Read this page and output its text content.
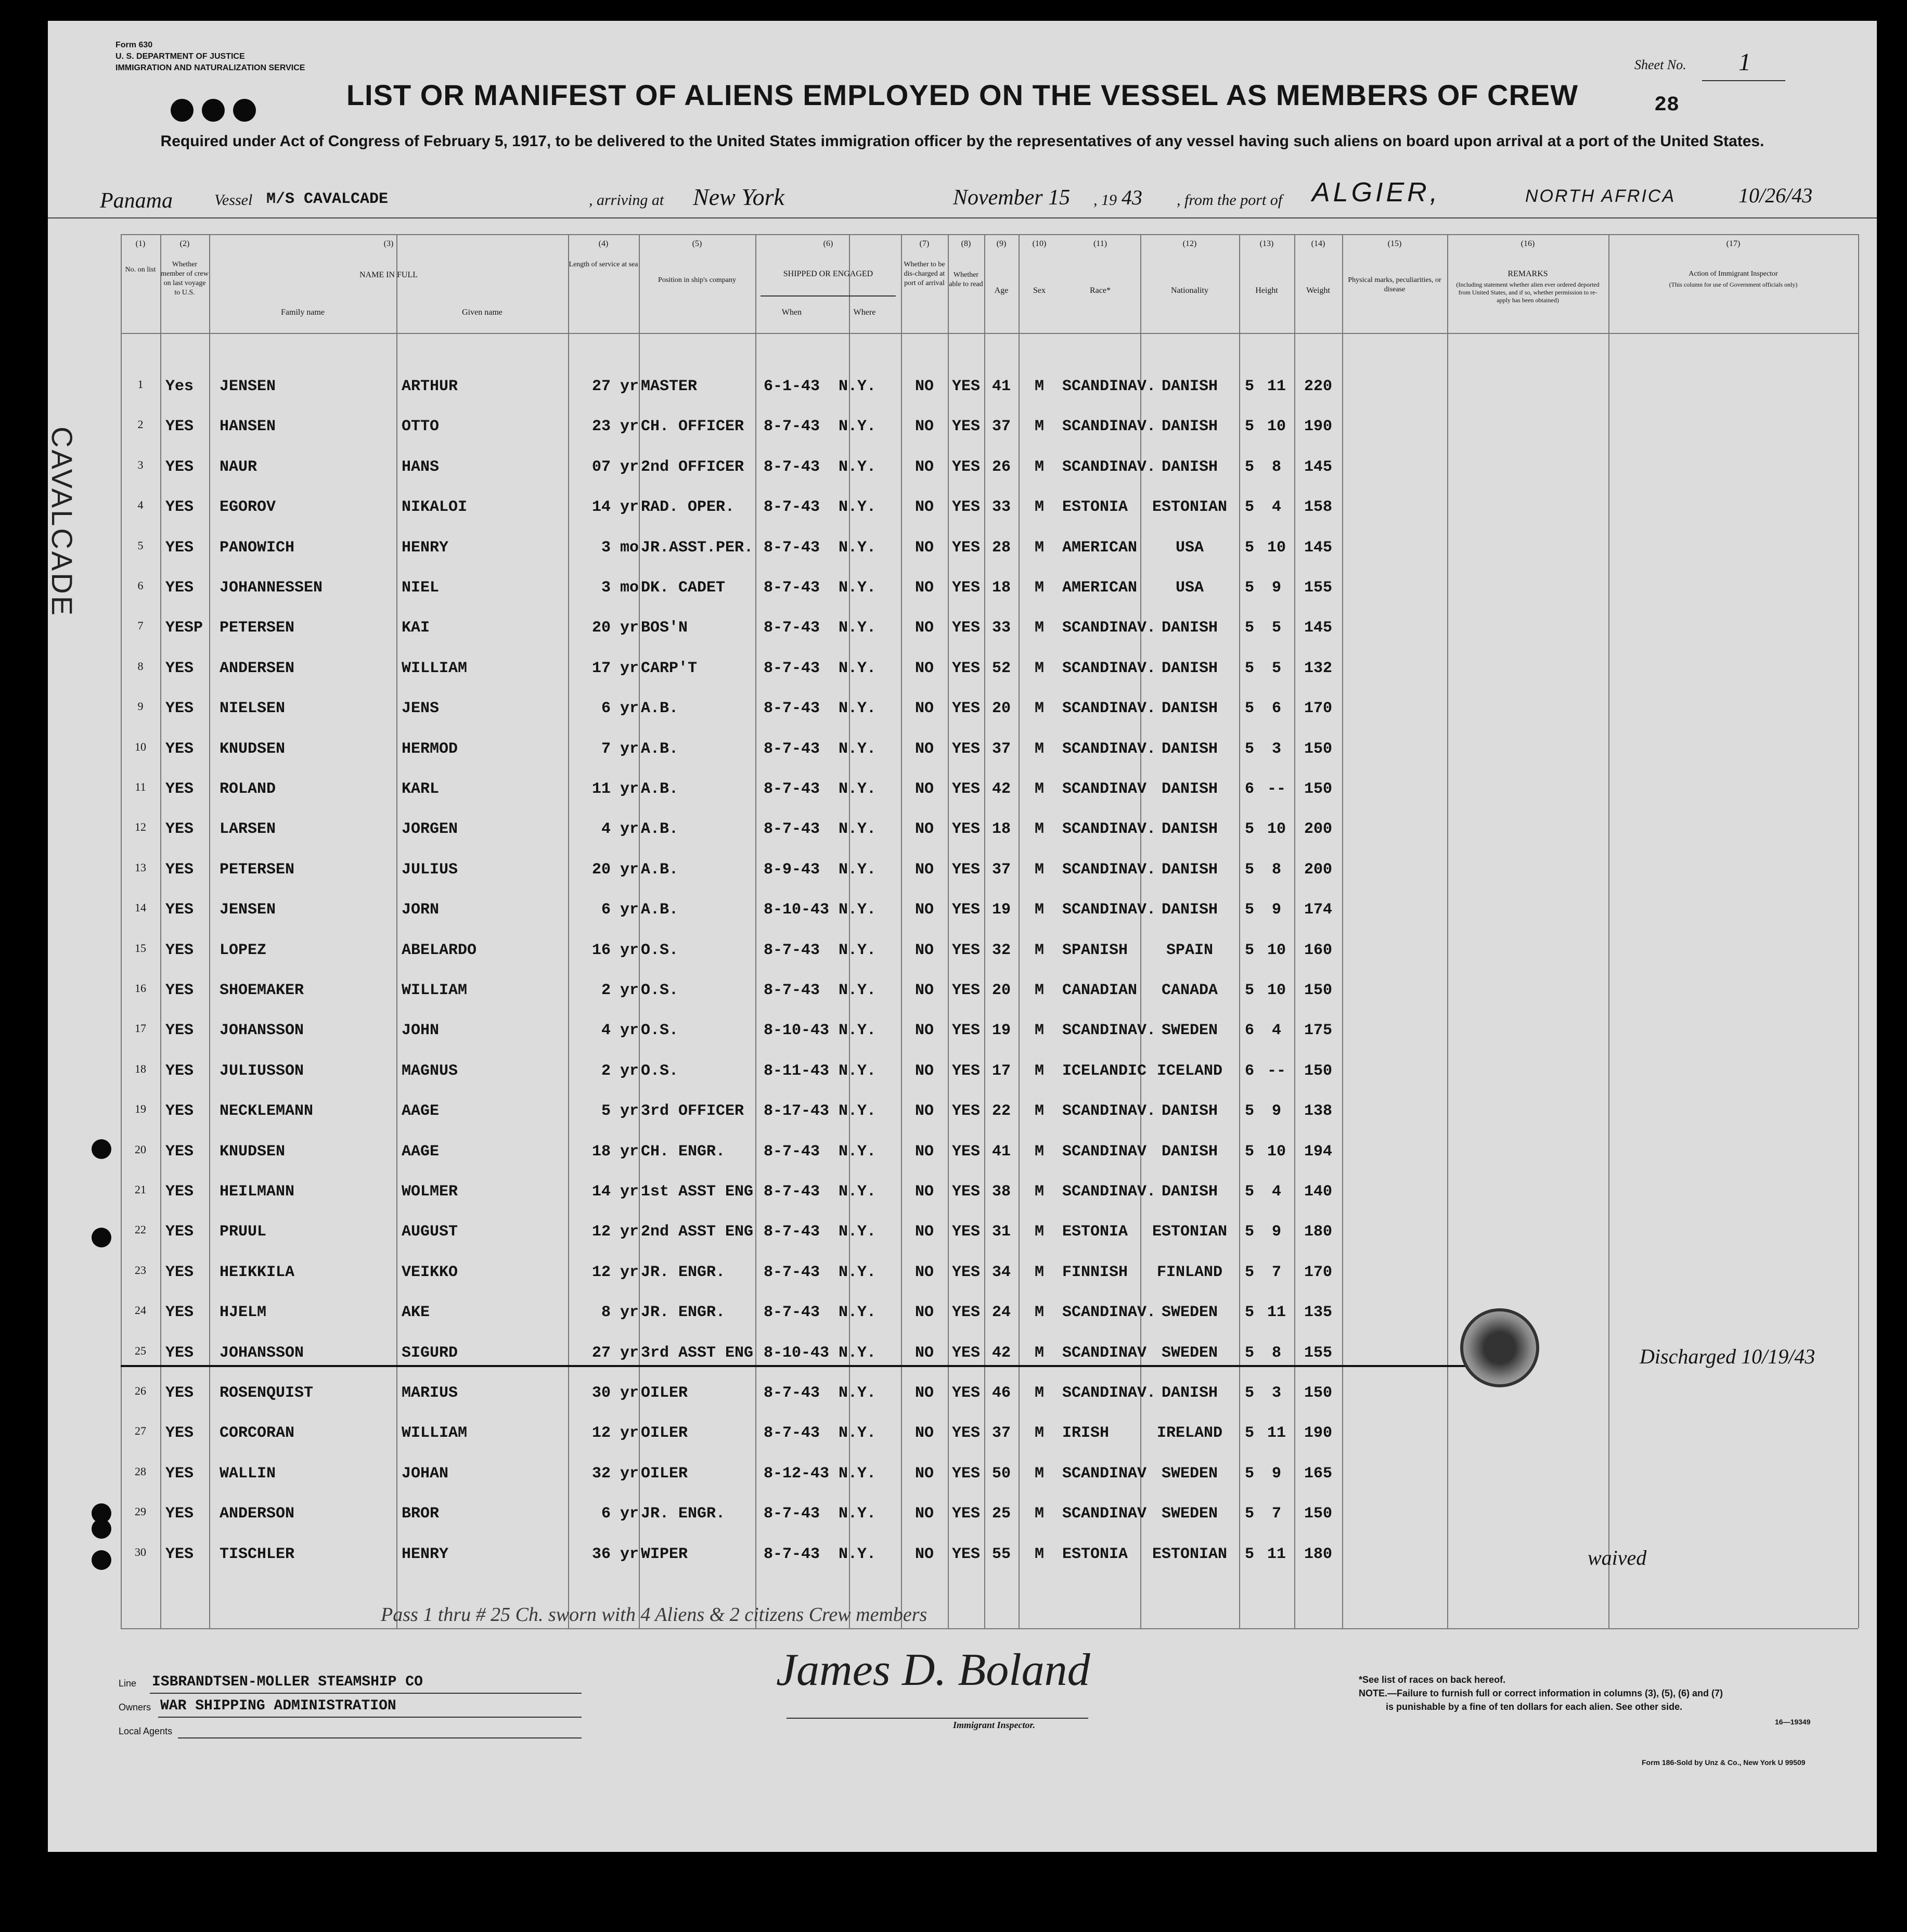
Form 630
U. S. DEPARTMENT OF JUSTICE
IMMIGRATION AND NATURALIZATION SERVICE	Sheet No. 1
28
LIST OR MANIFEST OF ALIENS EMPLOYED ON THE VESSEL AS MEMBERS OF CREW
Required under Act of Congress of February 5, 1917, to be delivered to the United States immigration officer by the representatives of any vessel having such aliens on board upon arrival at a port of the United States.
Panama	Vessel M/S CAVALCADE	, arriving at New York	November 15 , 19 43 , from the port of ALGIER,	NORTH AFRICA	10/26/43
(1)	(2)	(3)	(4)	(5)	(6)	(7)	(8)	(9)	(10)	(11)	(12)	(13)	(14)	(15)	(16)	(17)
No. on list
Whether member of crew on last voyage to U.S.
NAME IN FULL
Family name	Given name
Length of service at sea
Position in ship's company
SHIPPED OR ENGAGED
When	Where
Whether to be dis-charged at port of arrival
Whether able to read
Age	Sex	Race*	Nationality	Height	Weight
Physical marks, peculiarities, or disease
REMARKS
(Including statement whether alien ever ordered deported from United States, and if so, whether permission to re-apply has been obtained)
Action of Immigrant Inspector
(This column for use of Government officials only)
1	Yes	JENSEN	ARTHUR	27 yr MASTER	6-1-43	N.Y.	NO	YES 41	M	SCANDINAV. DANISH	5 11	220
2	YES	HANSEN	OTTO	23 yr CH. OFFICER	8-7-43	N.Y.	NO	YES 37	M	SCANDINAV. DANISH	5 10	190
3	YES	NAUR	HANS	07 yr 2nd OFFICER	8-7-43	N.Y.	NO	YES 26	M	SCANDINAV. DANISH	5	8	145
4	YES	EGOROV	NIKALOI	14 yr RAD. OPER.	8-7-43	N.Y.	NO	YES 33	M	ESTONIA	ESTONIAN	5	4	158
5	YES	PANOWICH	HENRY	3 mo JR.ASST.PER. 8-7-43	N.Y.	NO	YES 28	M	AMERICAN	USA	5 10	145
6	YES	JOHANNESSEN	NIEL	3 mo DK. CADET	8-7-43	N.Y.	NO	YES 18	M	AMERICAN	USA	5	9	155
7	YESP	PETERSEN	KAI	20 yr BOS'N	8-7-43	N.Y.	NO	YES 33	M	SCANDINAV. DANISH	5	5	145
8	YES	ANDERSEN	WILLIAM	17 yr CARP'T	8-7-43	N.Y.	NO	YES 52	M	SCANDINAV. DANISH	5	5	132
9	YES	NIELSEN	JENS	6 yr A.B.	8-7-43	N.Y.	NO	YES 20	M	SCANDINAV. DANISH	5	6	170
10	YES	KNUDSEN	HERMOD	7 yr A.B.	8-7-43	N.Y.	NO	YES 37	M	SCANDINAV. DANISH	5	3	150
11	YES	ROLAND	KARL	11 yr A.B.	8-7-43	N.Y.	NO	YES 42	M	SCANDINAV DANISH	6 --	150
12	YES	LARSEN	JORGEN	4 yr A.B.	8-7-43	N.Y.	NO	YES 18	M	SCANDINAV. DANISH	5 10	200
13	YES	PETERSEN	JULIUS	20 yr A.B.	8-9-43	N.Y.	NO	YES 37	M	SCANDINAV. DANISH	5	8	200
14	YES	JENSEN	JORN	6 yr A.B.	8-10-43 N.Y.	NO	YES 19	M	SCANDINAV. DANISH	5	9	174
15	YES	LOPEZ	ABELARDO	16 yr O.S.	8-7-43	N.Y.	NO	YES 32	M	SPANISH	SPAIN	5 10	160
16	YES	SHOEMAKER	WILLIAM	2 yr O.S.	8-7-43	N.Y.	NO	YES 20	M	CANADIAN	CANADA	5 10	150
17	YES	JOHANSSON	JOHN	4 yr O.S.	8-10-43 N.Y.	NO	YES 19	M	SCANDINAV. SWEDEN	6	4	175
18	YES	JULIUSSON	MAGNUS	2 yr O.S.	8-11-43 N.Y.	NO	YES 17	M	ICELANDIC ICELAND	6 --	150
19	YES	NECKLEMANN	AAGE	5 yr 3rd OFFICER	8-17-43 N.Y.	NO	YES 22	M	SCANDINAV. DANISH	5	9	138
20	YES	KNUDSEN	AAGE	18 yr CH. ENGR.	8-7-43	N.Y.	NO	YES 41	M	SCANDINAV DANISH	5 10	194
21	YES	HEILMANN	WOLMER	14 yr 1st ASST ENG 8-7-43	N.Y.	NO	YES 38	M	SCANDINAV. DANISH	5	4	140
22	YES	PRUUL	AUGUST	12 yr 2nd ASST ENG 8-7-43	N.Y.	NO	YES 31	M	ESTONIA	ESTONIAN	5	9	180
23	YES	HEIKKILA	VEIKKO	12 yr JR. ENGR.	8-7-43	N.Y.	NO	YES 34	M	FINNISH	FINLAND	5	7	170
24	YES	HJELM	AKE	8 yr JR. ENGR.	8-7-43	N.Y.	NO	YES 24	M	SCANDINAV. SWEDEN	5 11	135
25	YES	JOHANSSON	SIGURD	27 yr 3rd ASST ENG 8-10-43 N.Y.	NO	YES 42	M	SCANDINAV SWEDEN	5	8	155	Discharged 10/19/43
26	YES	ROSENQUIST	MARIUS	30 yr OILER	8-7-43	N.Y.	NO	YES 46	M	SCANDINAV. DANISH	5	3	150
27	YES	CORCORAN	WILLIAM	12 yr OILER	8-7-43	N.Y.	NO	YES 37	M	IRISH	IRELAND	5 11	190
28	YES	WALLIN	JOHAN	32 yr OILER	8-12-43 N.Y.	NO	YES 50	M	SCANDINAV SWEDEN	5	9	165
29	YES	ANDERSON	BROR	6 yr JR. ENGR.	8-7-43	N.Y.	NO	YES 25	M	SCANDINAV SWEDEN	5	7	150
30	YES	TISCHLER	HENRY	36 yr WIPER	8-7-43	N.Y.	NO	YES 55	M	ESTONIA	ESTONIAN	5 11	180	waived
CAVALCADE
Pass 1 thru # 25 Ch. sworn with 4 Aliens & 2 citizens Crew members
Line ISBRANDTSEN-MOLLER STEAMSHIP CO
Owners WAR SHIPPING ADMINISTRATION
Local Agents
James D. Boland
Immigrant Inspector.
*See list of races on back hereof.
NOTE.—Failure to furnish full or correct information in columns (3), (5), (6) and (7)
is punishable by a fine of ten dollars for each alien. See other side.
16—19349
Form 186-Sold by Unz & Co., New York U 99509
